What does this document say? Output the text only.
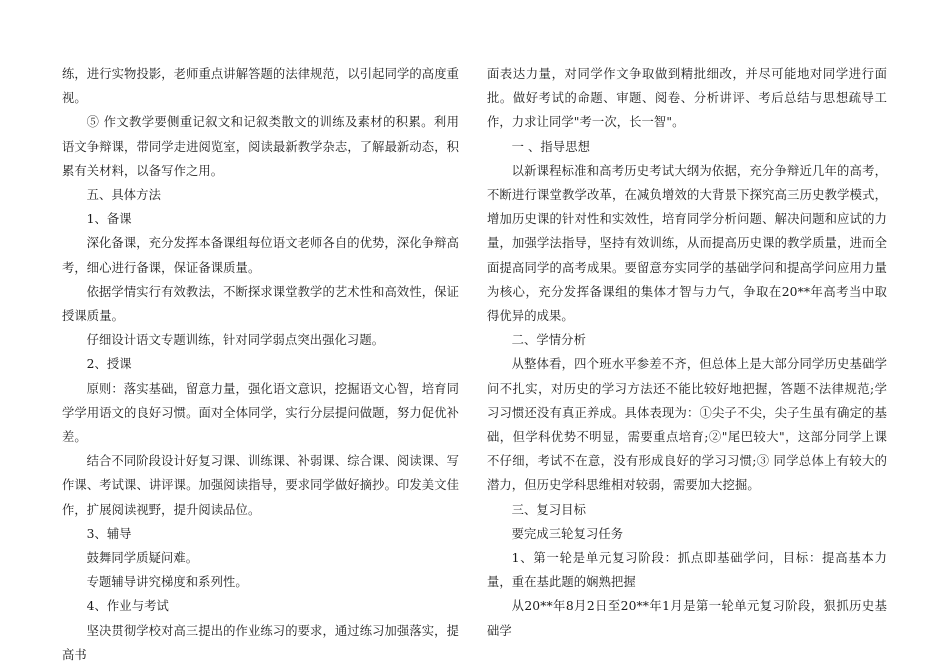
练，进行实物投影，老师重点讲解答题的法律规范，以引起同学的高度重视。

⑤ 作文教学要侧重记叙文和记叙类散文的训练及素材的积累。利用语文争辩课，带同学走进阅览室，阅读最新教学杂志，了解最新动态，积累有关材料，以备写作之用。

五、具体方法

1、备课

深化备课，充分发挥本备课组每位语文老师各自的优势，深化争辩高考，细心进行备课，保证备课质量。

依据学情实行有效教法，不断探求课堂教学的艺术性和高效性，保证授课质量。

仔细设计语文专题训练，针对同学弱点突出强化习题。

2、授课

原则：落实基础，留意力量，强化语文意识，挖掘语文心智，培育同学学用语文的良好习惯。面对全体同学，实行分层提问做题，努力促优补差。

结合不同阶段设计好复习课、训练课、补弱课、综合课、阅读课、写作课、考试课、讲评课。加强阅读指导，要求同学做好摘抄。印发美文佳作，扩展阅读视野，提升阅读品位。

3、辅导

鼓舞同学质疑问难。

专题辅导讲究梯度和系列性。

4、作业与考试

坚决贯彻学校对高三提出的作业练习的要求，通过练习加强落实，提高书

面表达力量，对同学作文争取做到精批细改，并尽可能地对同学进行面批。做好考试的命题、审题、阅卷、分析讲评、考后总结与思想疏导工作，力求让同学"考一次，长一智"。

一 、指导思想

以新课程标准和高考历史考试大纲为依据，充分争辩近几年的高考，不断进行课堂教学改革，在减负增效的大背景下探究高三历史教学模式，增加历史课的针对性和实效性，培育同学分析问题、解决问题和应试的力量，加强学法指导，坚持有效训练，从而提高历史课的教学质量，进而全面提高同学的高考成果。要留意夯实同学的基础学问和提高学问应用力量为核心，充分发挥备课组的集体才智与力气，争取在20**年高考当中取得优异的成果。

二、学情分析

从整体看，四个班水平参差不齐，但总体上是大部分同学历史基础学问不扎实，对历史的学习方法还不能比较好地把握，答题不法律规范;学习习惯还没有真正养成。具体表现为：①尖子不尖，尖子生虽有确定的基础，但学科优势不明显，需要重点培育;②"尾巴较大"，这部分同学上课不仔细，考试不在意，没有形成良好的学习习惯;③ 同学总体上有较大的潜力，但历史学科思维相对较弱，需要加大挖掘。

三、复习目标

要完成三轮复习任务

1、第一轮是单元复习阶段：抓点即基础学问，目标：提高基本力量，重在基此题的娴熟把握

从20**年8月2日至20**年1月是第一轮单元复习阶段，狠抓历史基础学
